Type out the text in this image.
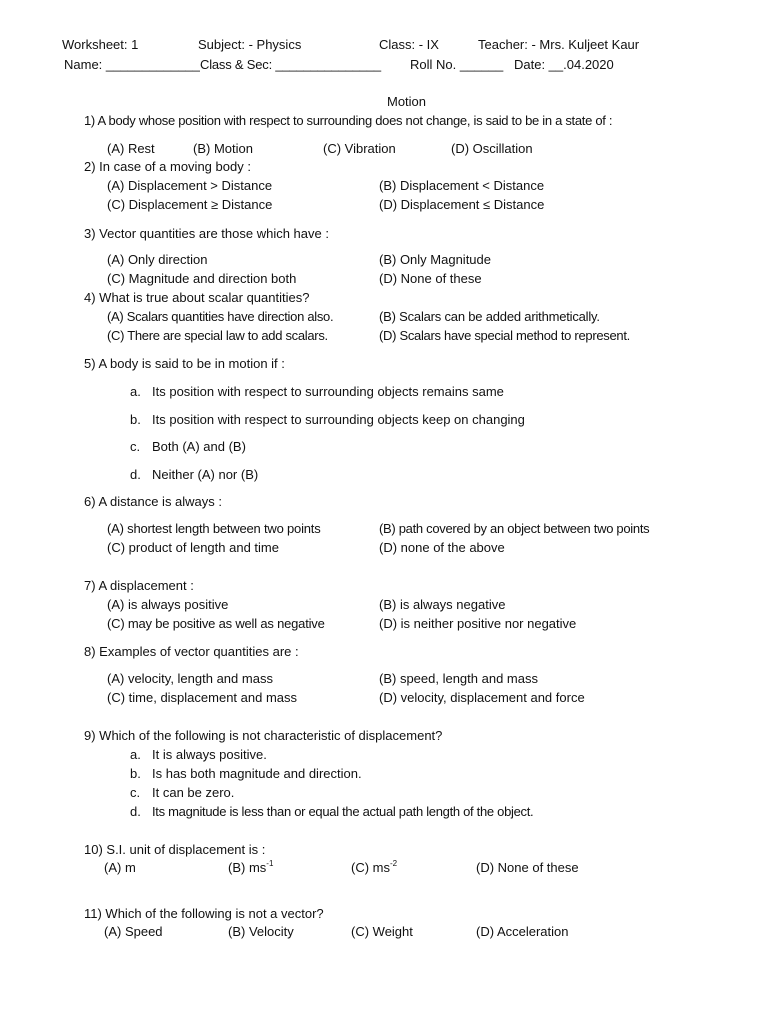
Worksheet: 1	Subject: - Physics	Class: - IX	Teacher: - Mrs. Kuljeet Kaur
Name: _____________ Class & Sec: _______________ Roll No. ______ Date: __.04.2020
Motion
1) A body whose position with respect to surrounding does not change, is said to be in a state of :
(A) Rest	(B) Motion	(C) Vibration	(D) Oscillation
2) In case of a moving body :
(A) Displacement > Distance	(B) Displacement < Distance
(C) Displacement ≥ Distance	(D) Displacement ≤ Distance
3) Vector quantities are those which have :
(A) Only direction	(B) Only Magnitude
(C) Magnitude and direction both	(D) None of these
4) What is true about scalar quantities?
(A) Scalars quantities have direction also.	(B) Scalars can be added arithmetically.
(C) There are special law to add scalars.	(D) Scalars have special method to represent.
5) A body is said to be in motion if :
a. Its position with respect to surrounding objects remains same
b. Its position with respect to surrounding objects keep on changing
c. Both (A) and (B)
d. Neither (A) nor (B)
6) A distance is always :
(A) shortest length between two points	(B) path covered by an object between two points
(C) product of length and time	(D) none of the above
7) A displacement :
(A) is always positive	(B) is always negative
(C) may be positive as well as negative	(D) is neither positive nor negative
8) Examples of vector quantities are :
(A) velocity, length and mass	(B) speed, length and mass
(C) time, displacement and mass	(D) velocity, displacement and force
9) Which of the following is not characteristic of displacement?
a. It is always positive.
b. Is has both magnitude and direction.
c. It can be zero.
d. Its magnitude is less than or equal the actual path length of the object.
10) S.I. unit of displacement is :
(A) m	(B) $ms^{-1}$	(C) $ms^{-2}$	(D) None of these
11) Which of the following is not a vector?
(A) Speed	(B) Velocity	(C) Weight	(D) Acceleration
